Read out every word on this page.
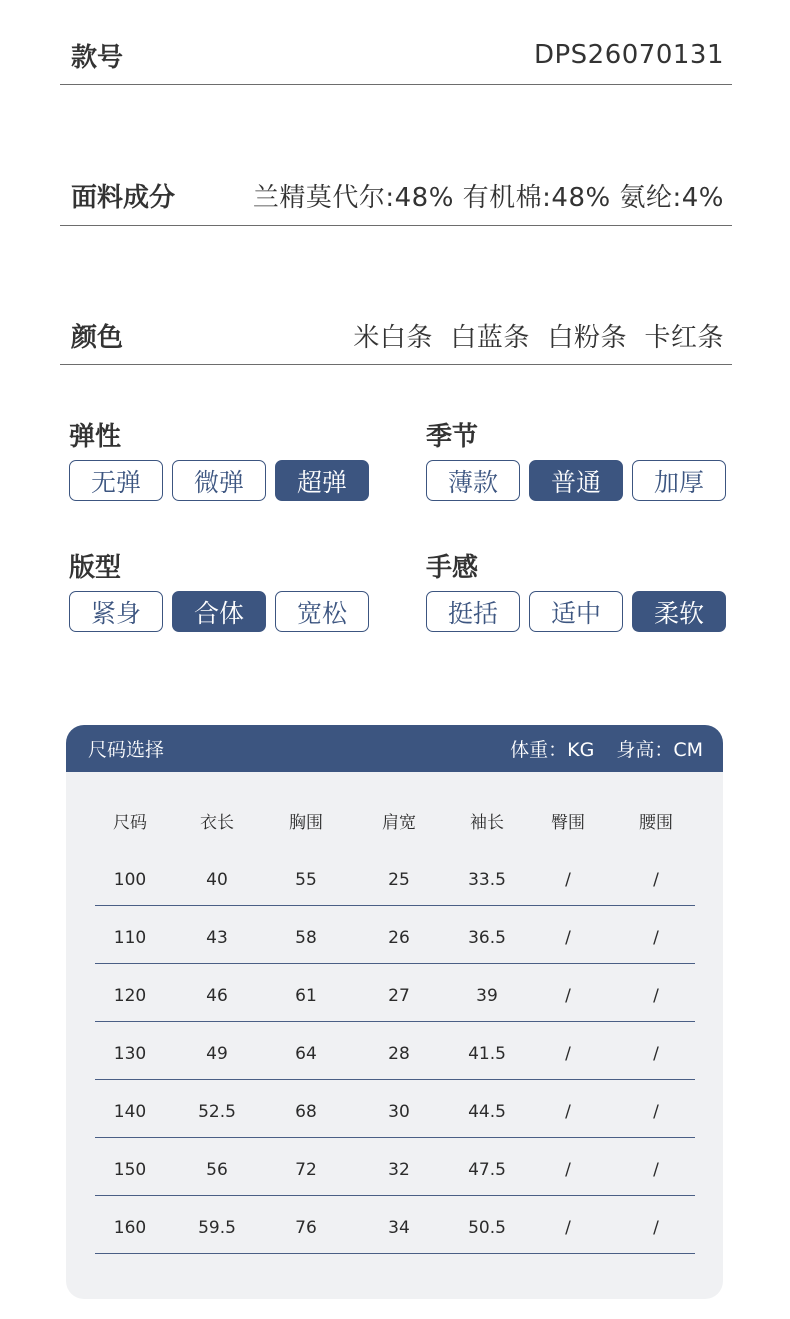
款号	DPS26070131
面料成分	兰精莫代尔:48% 有机棉:48% 氨纶:4%
颜色	米白条  白蓝条  白粉条  卡红条
弹性
无弹	微弹	超弹
季节
薄款	普通	加厚
版型
紧身	合体	宽松
手感
挺括	适中	柔软
尺码选择	体重：KG 身高：CM
尺码	衣长	胸围	肩宽	袖长	臀围	腰围
100	40	55	25	33.5	/	/
110	43	58	26	36.5	/	/
120	46	61	27	39	/	/
130	49	64	28	41.5	/	/
140	52.5	68	30	44.5	/	/
150	56	72	32	47.5	/	/
160	59.5	76	34	50.5	/	/
